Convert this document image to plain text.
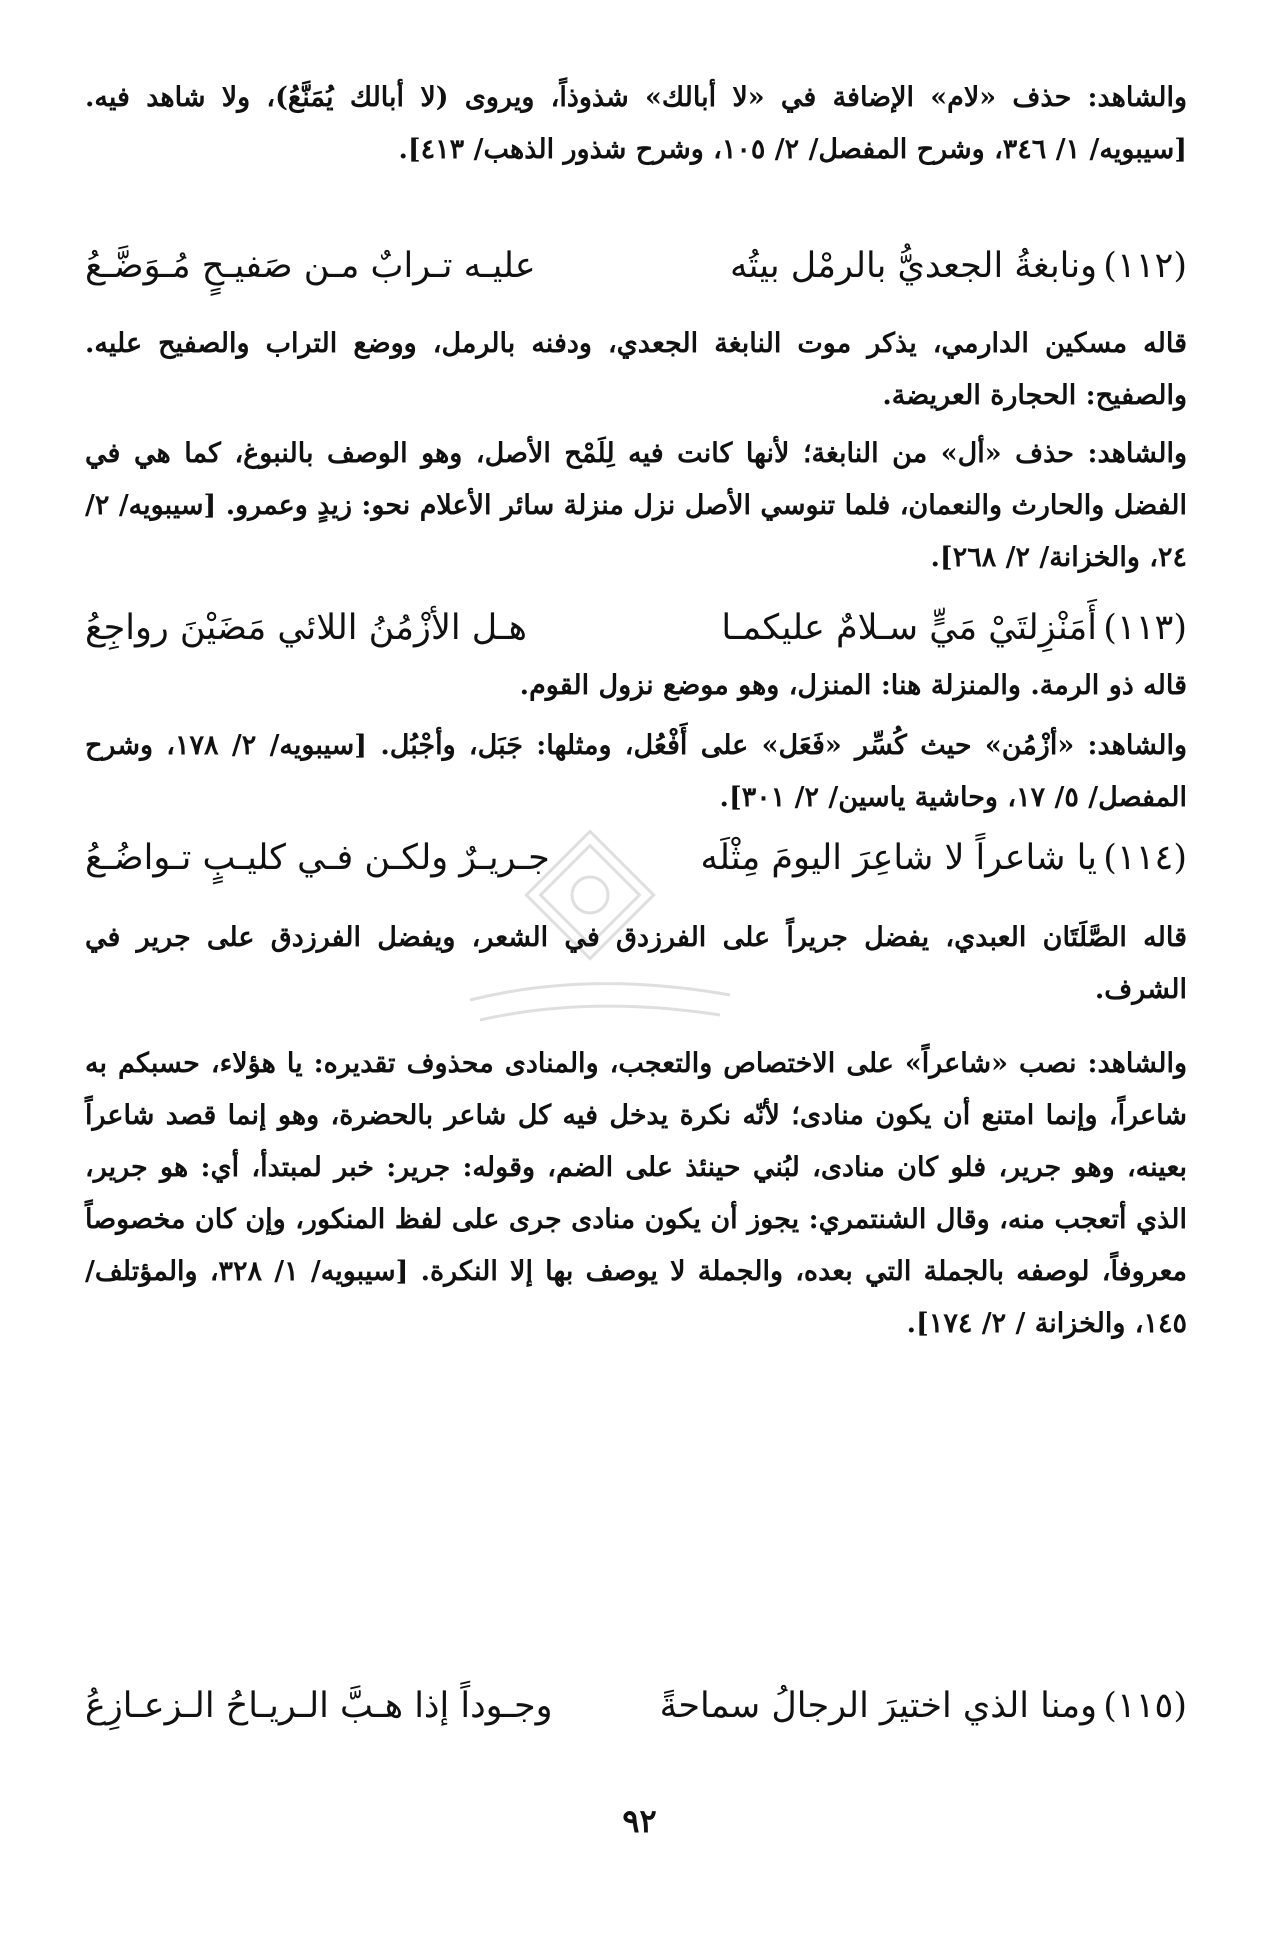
والشاهد: حذف «لام» الإضافة في «لا أبالك» شذوذاً، ويروى (لا أبالك يُمَنَّعُ)، ولا شاهد فيه. [سيبويه/ ١/ ٣٤٦، وشرح المفصل/ ٢/ ١٠٥، وشرح شذور الذهب/ ٤١٣].

(١١٢)
ونابغةُ الجعديُّ بالرمْل بيتُه
عليـه تـرابٌ مـن صَفيـحٍ مُـوَضَّـعُ

قاله مسكين الدارمي، يذكر موت النابغة الجعدي، ودفنه بالرمل، ووضع التراب والصفيح عليه. والصفيح: الحجارة العريضة.

والشاهد: حذف «أل» من النابغة؛ لأنها كانت فيه لِلَمْح الأصل، وهو الوصف بالنبوغ، كما هي في الفضل والحارث والنعمان، فلما تنوسي الأصل نزل منزلة سائر الأعلام نحو: زيدٍ وعمرو. [سيبويه/ ٢/ ٢٤، والخزانة/ ٢/ ٢٦٨].

(١١٣)
أَمَنْزِلتَيْ مَيٍّ سـلامٌ عليكمـا
هـل الأزْمُنُ اللائي مَضَيْنَ رواجِعُ

قاله ذو الرمة. والمنزلة هنا: المنزل، وهو موضع نزول القوم.

والشاهد: «أزْمُن» حيث كُسِّر «فَعَل» على أَفْعُل، ومثلها: جَبَل، وأجْبُل. [سيبويه/ ٢/ ١٧٨، وشرح المفصل/ ٥/ ١٧، وحاشية ياسين/ ٢/ ٣٠١].

(١١٤)
يا شاعراً لا شاعِرَ اليومَ مِثْلَه
جـريـرٌ ولكـن فـي كليـبٍ تـواضُـعُ

قاله الصَّلَتَان العبدي، يفضل جريراً على الفرزدق في الشعر، ويفضل الفرزدق على جرير في الشرف.

والشاهد: نصب «شاعراً» على الاختصاص والتعجب، والمنادى محذوف تقديره: يا هؤلاء، حسبكم به شاعراً، وإنما امتنع أن يكون منادى؛ لأنّه نكرة يدخل فيه كل شاعر بالحضرة، وهو إنما قصد شاعراً بعينه، وهو جرير، فلو كان منادى، لبُني حينئذ على الضم، وقوله: جرير: خبر لمبتدأ، أي: هو جرير، الذي أتعجب منه، وقال الشنتمري: يجوز أن يكون منادى جرى على لفظ المنكور، وإن كان مخصوصاً معروفاً، لوصفه بالجملة التي بعده، والجملة لا يوصف بها إلا النكرة. [سيبويه/ ١/ ٣٢٨، والمؤتلف/ ١٤٥، والخزانة / ٢/ ١٧٤].

(١١٥)
ومنا الذي اختيرَ الرجالُ سماحةً
وجـوداً إذا هـبَّ الـريـاحُ الـزعـازِعُ
٩٢
